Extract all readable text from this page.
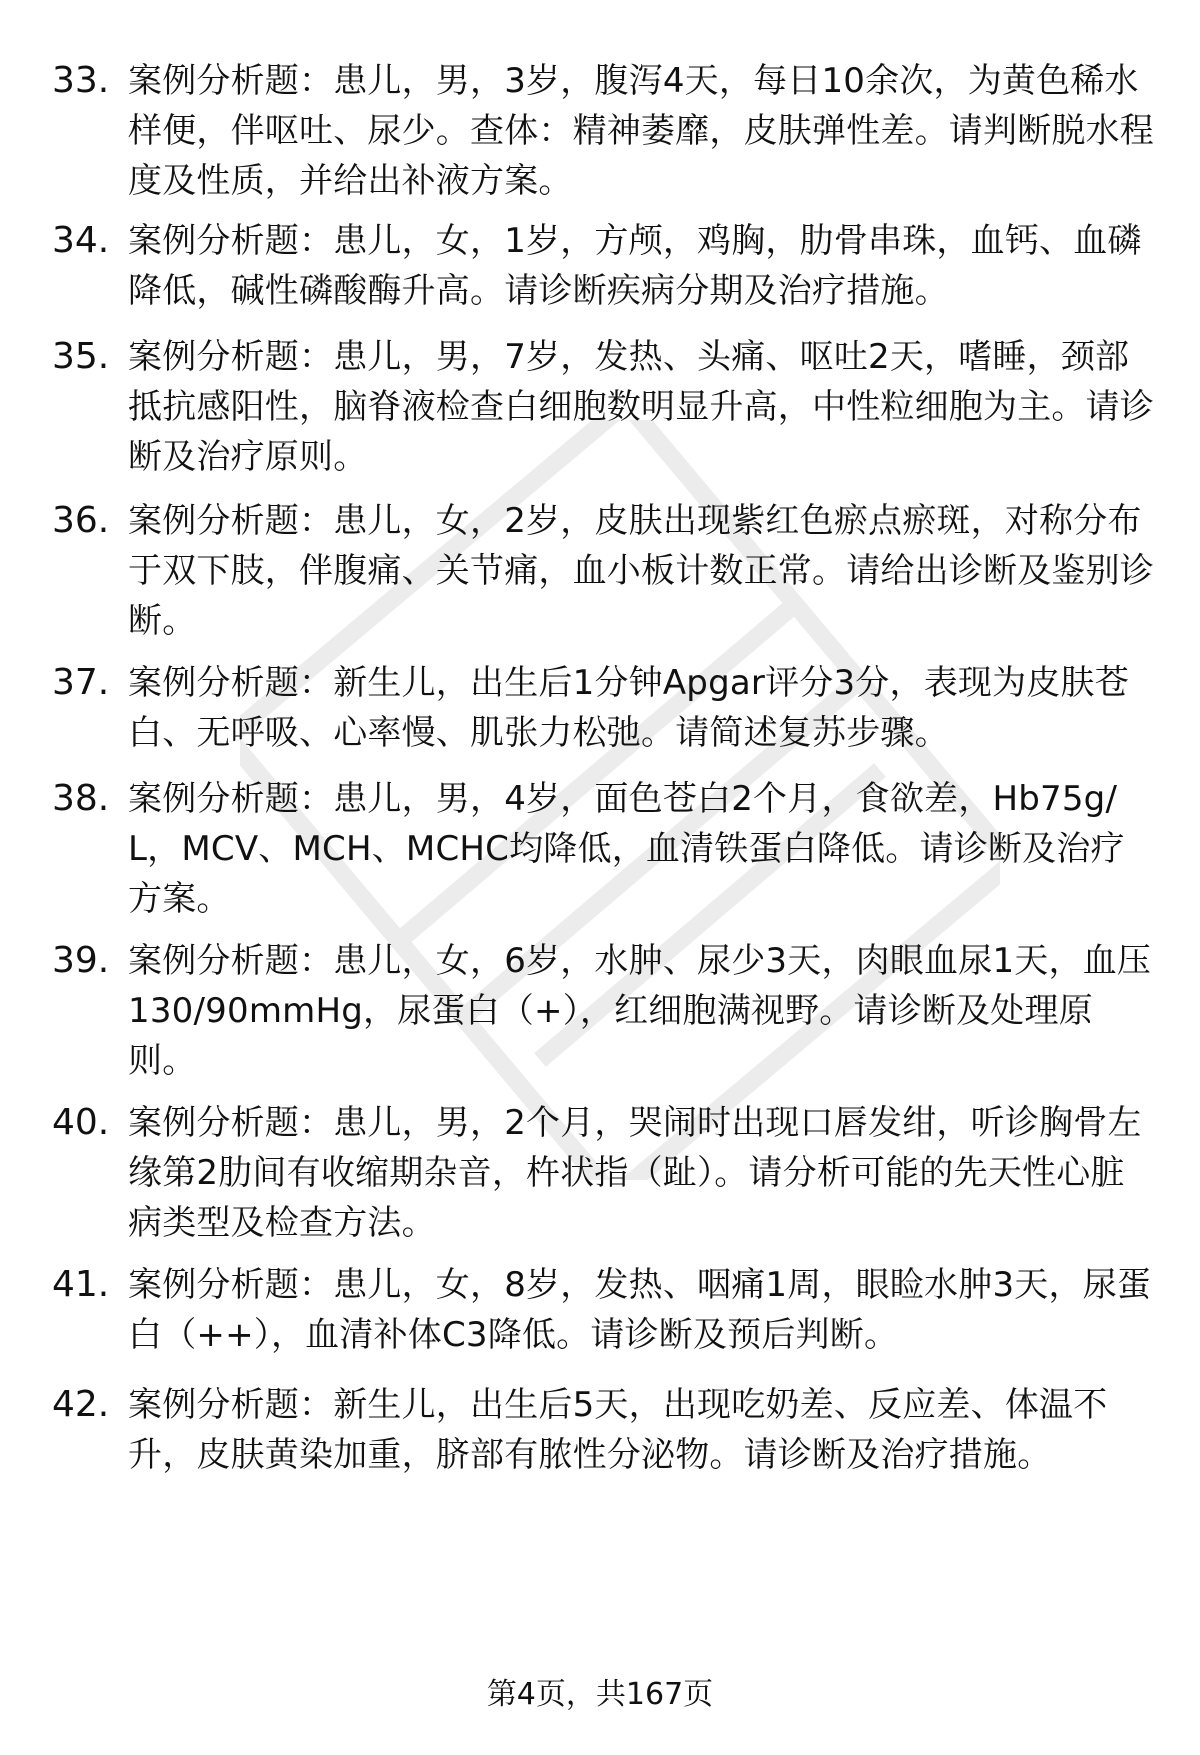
33. 案例分析题：患儿，男，3岁，腹泻4天，每日10余次，为黄色稀水样便，伴呕吐、尿少。查体：精神萎靡，皮肤弹性差。请判断脱水程度及性质，并给出补液方案。
34. 案例分析题：患儿，女，1岁，方颅，鸡胸，肋骨串珠，血钙、血磷降低，碱性磷酸酶升高。请诊断疾病分期及治疗措施。
35. 案例分析题：患儿，男，7岁，发热、头痛、呕吐2天，嗜睡，颈部抵抗感阳性，脑脊液检查白细胞数明显升高，中性粒细胞为主。请诊断及治疗原则。
36. 案例分析题：患儿，女，2岁，皮肤出现紫红色瘀点瘀斑，对称分布于双下肢，伴腹痛、关节痛，血小板计数正常。请给出诊断及鉴别诊断。
37. 案例分析题：新生儿，出生后1分钟Apgar评分3分，表现为皮肤苍白、无呼吸、心率慢、肌张力松弛。请简述复苏步骤。
38. 案例分析题：患儿，男，4岁，面色苍白2个月，食欲差，Hb75g/L，MCV、MCH、MCHC均降低，血清铁蛋白降低。请诊断及治疗方案。
39. 案例分析题：患儿，女，6岁，水肿、尿少3天，肉眼血尿1天，血压130/90mmHg，尿蛋白（+），红细胞满视野。请诊断及处理原则。
40. 案例分析题：患儿，男，2个月，哭闹时出现口唇发绀，听诊胸骨左缘第2肋间有收缩期杂音，杵状指（趾）。请分析可能的先天性心脏病类型及检查方法。
41. 案例分析题：患儿，女，8岁，发热、咽痛1周，眼睑水肿3天，尿蛋白（++），血清补体C3降低。请诊断及预后判断。
42. 案例分析题：新生儿，出生后5天，出现吃奶差、反应差、体温不升，皮肤黄染加重，脐部有脓性分泌物。请诊断及治疗措施。
第4页，共167页
